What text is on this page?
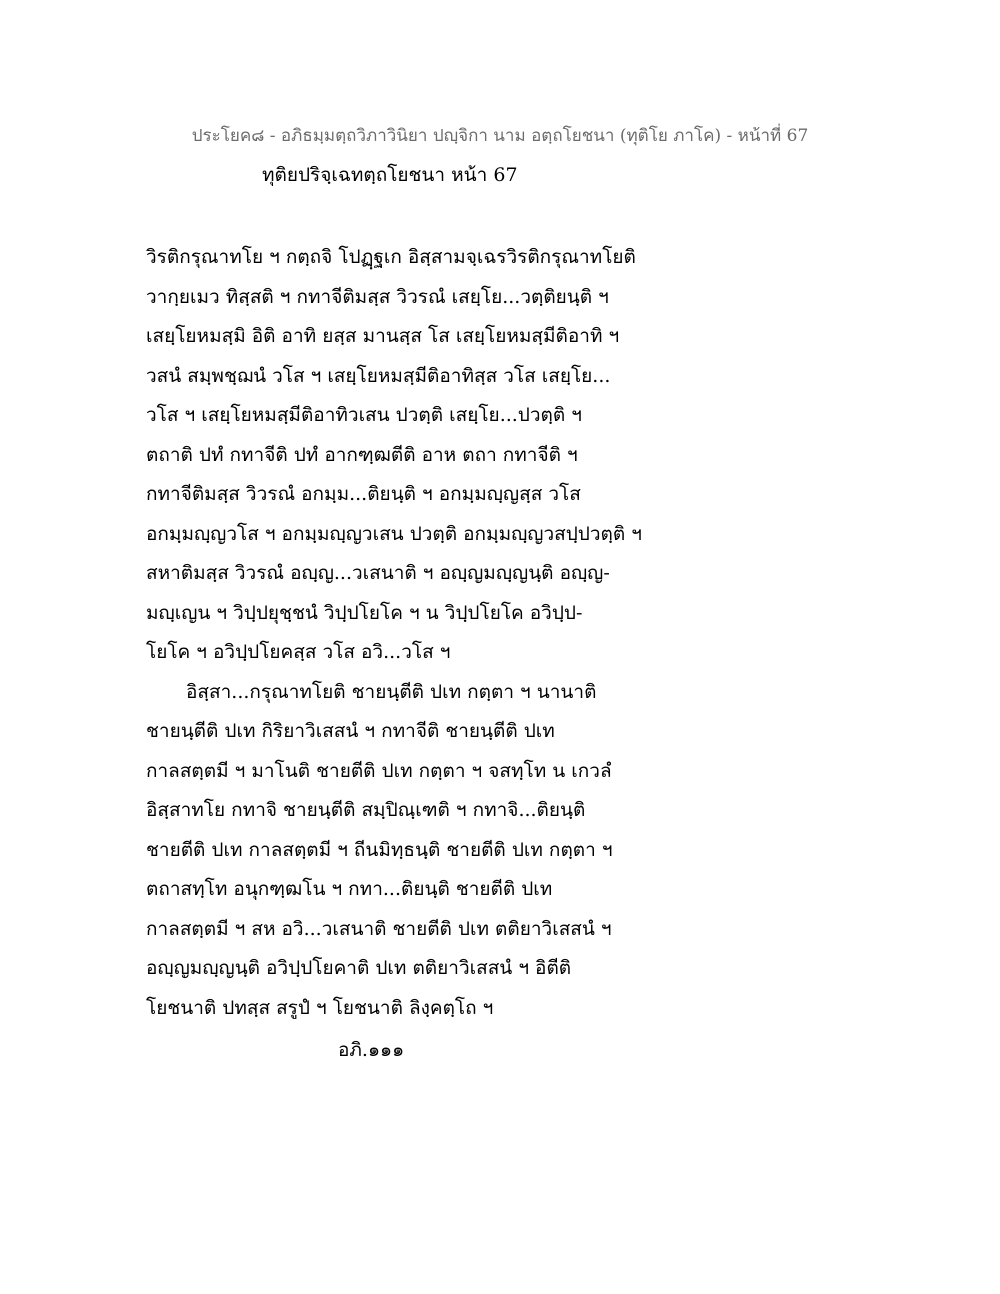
ประโยค๘ - อภิธมฺมตฺถวิภาวินิยา ปญฺจิกา นาม อตฺถโยชนา (ทุติโย ภาโค) - หน้าที่ 67
ทุติยปริจฺเฉทตฺถโยชนา หน้า 67
วิรติกรุณาทโย ฯ กตฺถจิ โปฏฺฐเก อิสฺสามจฺเฉรวิรติกรุณาทโยติ
วากฺยเมว ทิสฺสติ ฯ กทาจีติมสฺส วิวรณํ เสยฺโย...วตฺติยนฺติ ฯ
เสยฺโยหมสฺมิ อิติ อาทิ ยสฺส มานสฺส โส เสยฺโยหมสฺมีติอาทิ ฯ
วสนํ สมฺพชฺฌนํ วโส ฯ เสยฺโยหมสฺมีติอาทิสฺส วโส เสยฺโย...
วโส ฯ เสยฺโยหมสฺมีติอาทิวเสน ปวตฺติ เสยฺโย...ปวตฺติ ฯ
ตถาติ ปทํ กทาจีติ ปทํ อากฑฺฒตีติ อาห ตถา กทาจีติ ฯ
กทาจีติมสฺส วิวรณํ อกมฺม...ติยนฺติ ฯ อกมฺมญฺญสฺส วโส
อกมฺมญฺญวโส ฯ อกมฺมญฺญวเสน ปวตฺติ อกมฺมญฺญวสปฺปวตฺติ ฯ
สหาติมสฺส วิวรณํ อญฺญ...วเสนาติ ฯ อญฺญมญฺญนฺติ อญฺญ-
มญฺเญน ฯ วิปฺปยุชฺชนํ วิปฺปโยโค ฯ น วิปฺปโยโค อวิปฺป-
โยโค ฯ อวิปฺปโยคสฺส วโส อวิ...วโส ฯ
อิสฺสา...กรุณาทโยติ ชายนฺตีติ ปเท กตฺตา ฯ นานาติ
ชายนฺตีติ ปเท กิริยาวิเสสนํ ฯ กทาจีติ ชายนฺตีติ ปเท
กาลสตฺตมี ฯ มาโนติ ชายตีติ ปเท กตฺตา ฯ จสทฺโท น เกวลํ
อิสฺสาทโย กทาจิ ชายนฺตีติ สมฺปิณฺเฑติ ฯ กทาจิ...ติยนฺติ
ชายตีติ ปเท กาลสตฺตมี ฯ ถีนมิทฺธนฺติ ชายตีติ ปเท กตฺตา ฯ
ตถาสทฺโท อนุกฑฺฒโน ฯ กทา...ติยนฺติ ชายตีติ ปเท
กาลสตฺตมี ฯ สห อวิ...วเสนาติ ชายตีติ ปเท ตติยาวิเสสนํ ฯ
อญฺญมญฺญนฺติ อวิปฺปโยคาติ ปเท ตติยาวิเสสนํ ฯ อิตีติ
โยชนาติ ปทสฺส สรูปํ ฯ โยชนาติ ลิงฺคตฺโถ ฯ
อภิ.๑๑๑
